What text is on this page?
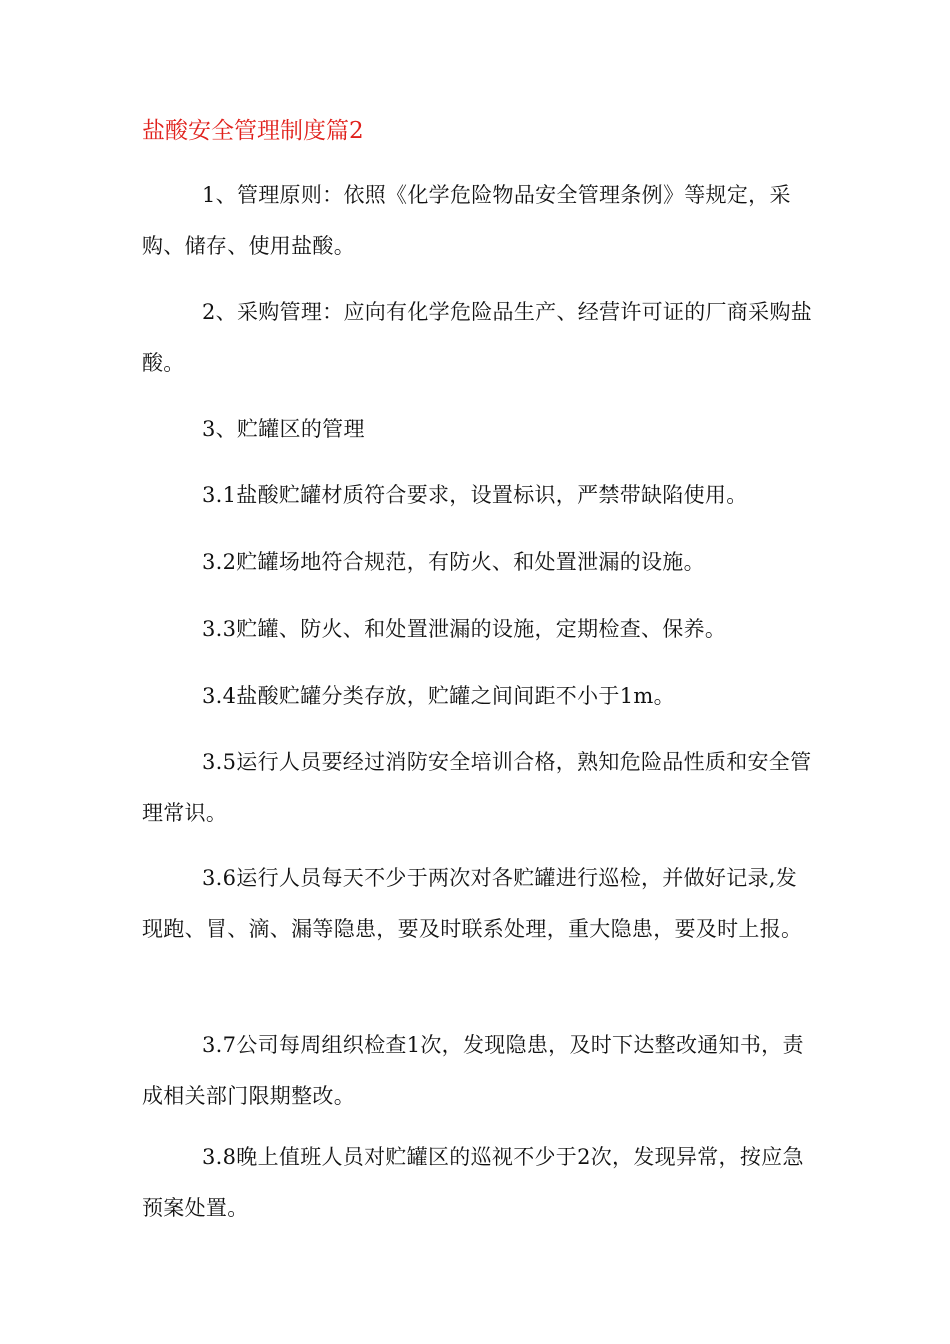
盐酸安全管理制度篇2

1、管理原则：依照《化学危险物品安全管理条例》等规定，采购、储存、使用盐酸。

2、采购管理：应向有化学危险品生产、经营许可证的厂商采购盐酸。

3、贮罐区的管理

3.1盐酸贮罐材质符合要求，设置标识，严禁带缺陷使用。

3.2贮罐场地符合规范，有防火、和处置泄漏的设施。

3.3贮罐、防火、和处置泄漏的设施，定期检查、保养。

3.4盐酸贮罐分类存放，贮罐之间间距不小于1m。

3.5运行人员要经过消防安全培训合格，熟知危险品性质和安全管理常识。

3.6运行人员每天不少于两次对各贮罐进行巡检，并做好记录,发现跑、冒、滴、漏等隐患，要及时联系处理，重大隐患，要及时上报。

3.7公司每周组织检查1次，发现隐患，及时下达整改通知书，责成相关部门限期整改。

3.8晚上值班人员对贮罐区的巡视不少于2次，发现异常，按应急预案处置。
